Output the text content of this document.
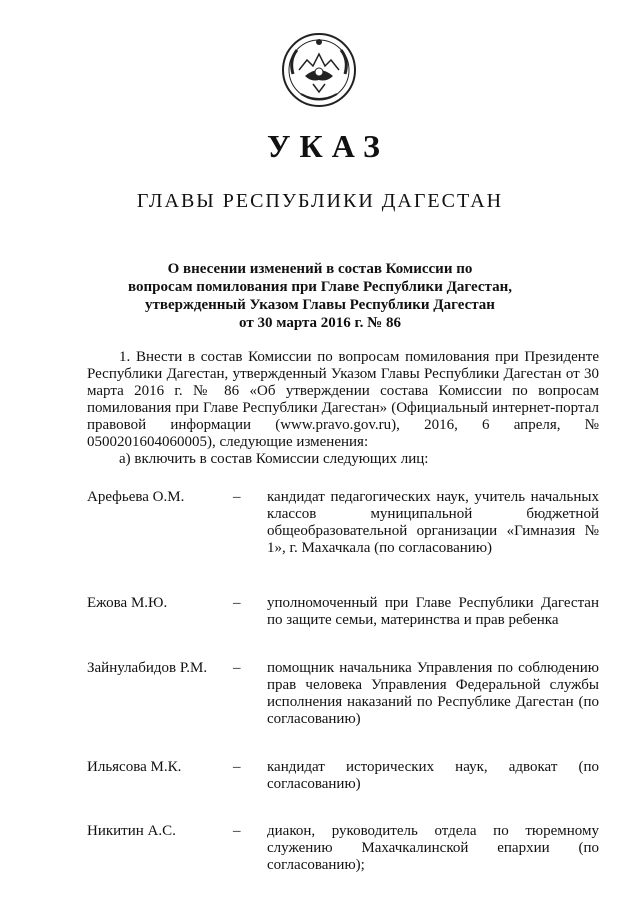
УКАЗ
ГЛАВЫ РЕСПУБЛИКИ ДАГЕСТАН
О внесении изменений в состав Комиссии по
вопросам помилования при Главе Республики Дагестан,
утвержденный Указом Главы Республики Дагестан
от 30 марта 2016 г. № 86

1. Внести в состав Комиссии по вопросам помилования при Президенте Республики Дагестан, утвержденный Указом Главы Республики Дагестан от 30 марта 2016 г. № 86 «Об утверждении состава Комиссии по вопросам помилования при Главе Республики Дагестан» (Официальный интернет-портал правовой информации (www.pravo.gov.ru), 2016, 6 апреля, № 0500201604060005), следующие изменения:

а) включить в состав Комиссии следующих лиц:

Арефьева О.М.	–	кандидат педагогических наук, учитель начальных классов муниципальной бюджетной общеобразовательной организации «Гимназия № 1», г. Махачкала (по согласованию)
Ежова М.Ю.	–	уполномоченный при Главе Республики Дагестан по защите семьи, материнства и прав ребенка
Зайнулабидов Р.М.	–	помощник начальника Управления по соблюдению прав человека Управления Федеральной службы исполнения наказаний по Республике Дагестан (по согласованию)
Ильясова М.К.	–	кандидат исторических наук, адвокат (по согласованию)
Никитин А.С.	–	диакон, руководитель отдела по тюремному служению Махачкалинской епархии (по согласованию);
